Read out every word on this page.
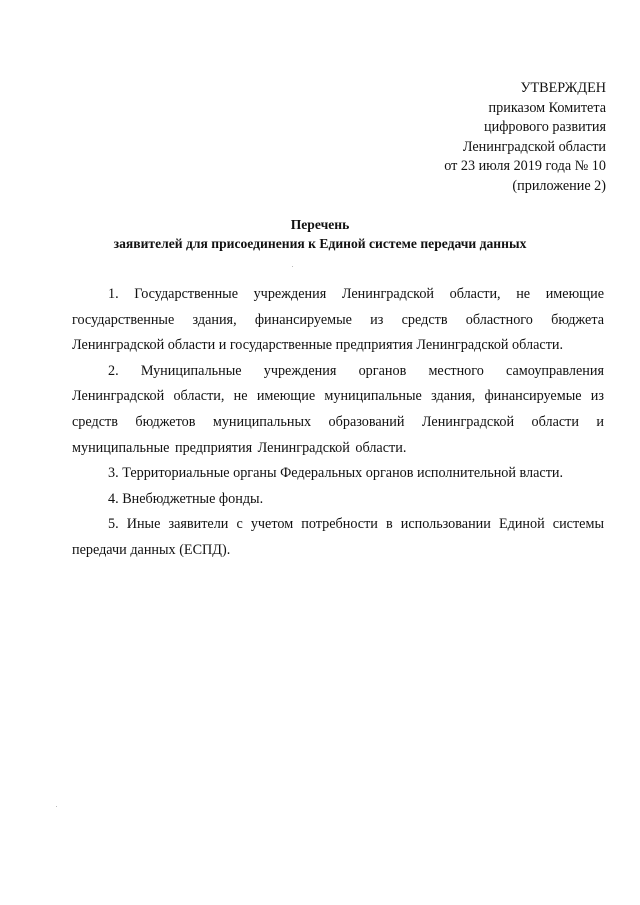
УТВЕРЖДЕН
приказом Комитета
цифрового развития
Ленинградской области
от 23 июля 2019 года № 10
(приложение 2)
Перечень
заявителей для присоединения к Единой системе передачи данных

1. Государственные учреждения Ленинградской области, не имеющие государственные здания, финансируемые из средств областного бюджета Ленинградской области и государственные предприятия Ленинградской области.

2. Муниципальные учреждения органов местного самоуправления Ленинградской области, не имеющие муниципальные здания, финансируемые из средств бюджетов муниципальных образований Ленинградской области и муниципальные предприятия Ленинградской области.

3. Территориальные органы Федеральных органов исполнительной власти.

4. Внебюджетные фонды.

5. Иные заявители с учетом потребности в использовании Единой системы передачи данных (ЕСПД).
